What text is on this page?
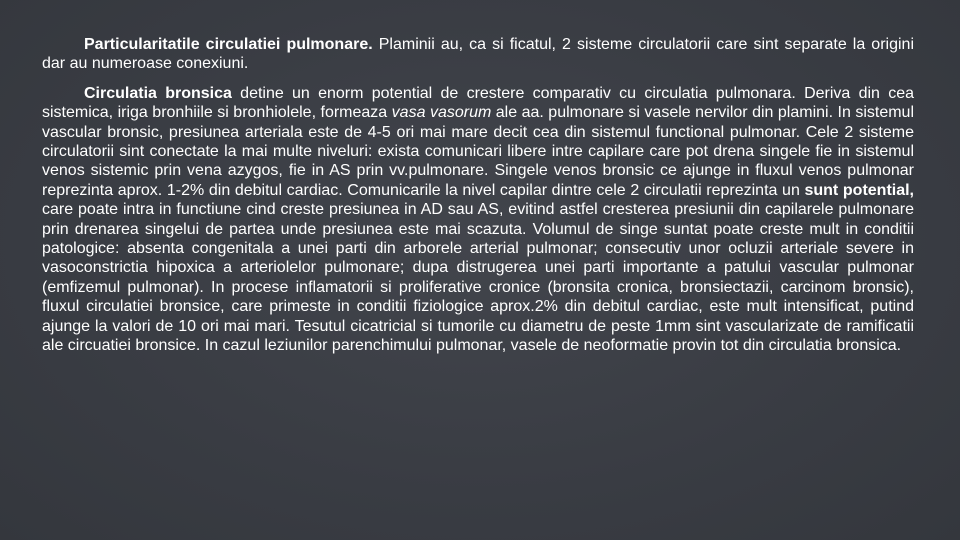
Particularitatile circulatiei pulmonare. Plaminii au, ca si ficatul, 2 sisteme circulatorii care sint separate la origini dar au numeroase conexiuni.

Circulatia bronsica detine un enorm potential de crestere comparativ cu circulatia pulmonara. Deriva din cea sistemica, iriga bronhiile si bronhiolele, formeaza vasa vasorum ale aa. pulmonare si vasele nervilor din plamini. In sistemul vascular bronsic, presiunea arteriala este de 4-5 ori mai mare decit cea din sistemul functional pulmonar. Cele 2 sisteme circulatorii sint conectate la mai multe niveluri: exista comunicari libere intre capilare care pot drena singele fie in sistemul venos sistemic prin vena azygos, fie in AS prin vv.pulmonare. Singele venos bronsic ce ajunge in fluxul venos pulmonar reprezinta aprox. 1-2% din debitul cardiac. Comunicarile la nivel capilar dintre cele 2 circulatii reprezinta un sunt potential, care poate intra in functiune cind creste presiunea in AD sau AS, evitind astfel cresterea presiunii din capilarele pulmonare prin drenarea singelui de partea unde presiunea este mai scazuta. Volumul de singe suntat poate creste mult in conditii patologice: absenta congenitala a unei parti din arborele arterial pulmonar; consecutiv unor ocluzii arteriale severe in vasoconstrictia hipoxica a arteriolelor pulmonare; dupa distrugerea unei parti importante a patului vascular pulmonar (emfizemul pulmonar). In procese inflamatorii si proliferative cronice (bronsita cronica, bronsiectazii, carcinom bronsic), fluxul circulatiei bronsice, care primeste in conditii fiziologice aprox.2% din debitul cardiac, este mult intensificat, putind ajunge la valori de 10 ori mai mari. Tesutul cicatricial si tumorile cu diametru de peste 1mm sint vascularizate de ramificatii ale circuatiei bronsice. In cazul leziunilor parenchimului pulmonar, vasele de neoformatie provin tot din circulatia bronsica.
